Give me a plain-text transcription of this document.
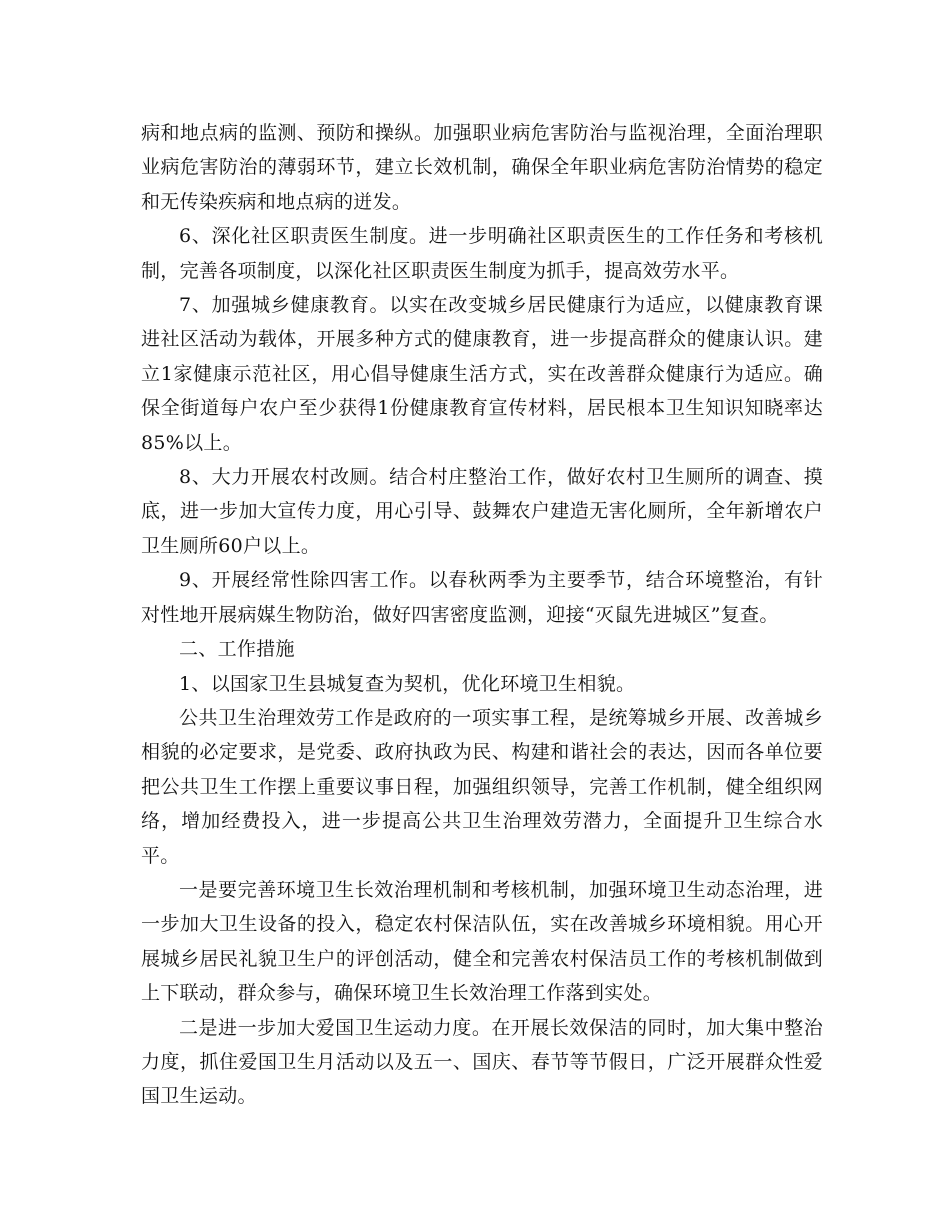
病和地点病的监测、预防和操纵。加强职业病危害防治与监视治理，全面治理职业病危害防治的薄弱环节，建立长效机制，确保全年职业病危害防治情势的稳定和无传染疾病和地点病的迸发。

6、深化社区职责医生制度。进一步明确社区职责医生的工作任务和考核机制，完善各项制度，以深化社区职责医生制度为抓手，提高效劳水平。

7、加强城乡健康教育。以实在改变城乡居民健康行为适应，以健康教育课进社区活动为载体，开展多种方式的健康教育，进一步提高群众的健康认识。建立1家健康示范社区，用心倡导健康生活方式，实在改善群众健康行为适应。确保全街道每户农户至少获得1份健康教育宣传材料，居民根本卫生知识知晓率达85%以上。

8、大力开展农村改厕。结合村庄整治工作，做好农村卫生厕所的调查、摸底，进一步加大宣传力度，用心引导、鼓舞农户建造无害化厕所，全年新增农户卫生厕所60户以上。

9、开展经常性除四害工作。以春秋两季为主要季节，结合环境整治，有针对性地开展病媒生物防治，做好四害密度监测，迎接“灭鼠先进城区”复查。

二、工作措施

1、以国家卫生县城复查为契机，优化环境卫生相貌。

公共卫生治理效劳工作是政府的一项实事工程，是统筹城乡开展、改善城乡相貌的必定要求，是党委、政府执政为民、构建和谐社会的表达，因而各单位要把公共卫生工作摆上重要议事日程，加强组织领导，完善工作机制，健全组织网络，增加经费投入，进一步提高公共卫生治理效劳潜力，全面提升卫生综合水平。

一是要完善环境卫生长效治理机制和考核机制，加强环境卫生动态治理，进一步加大卫生设备的投入，稳定农村保洁队伍，实在改善城乡环境相貌。用心开展城乡居民礼貌卫生户的评创活动，健全和完善农村保洁员工作的考核机制做到上下联动，群众参与，确保环境卫生长效治理工作落到实处。

二是进一步加大爱国卫生运动力度。在开展长效保洁的同时，加大集中整治力度，抓住爱国卫生月活动以及五一、国庆、春节等节假日，广泛开展群众性爱国卫生运动。
